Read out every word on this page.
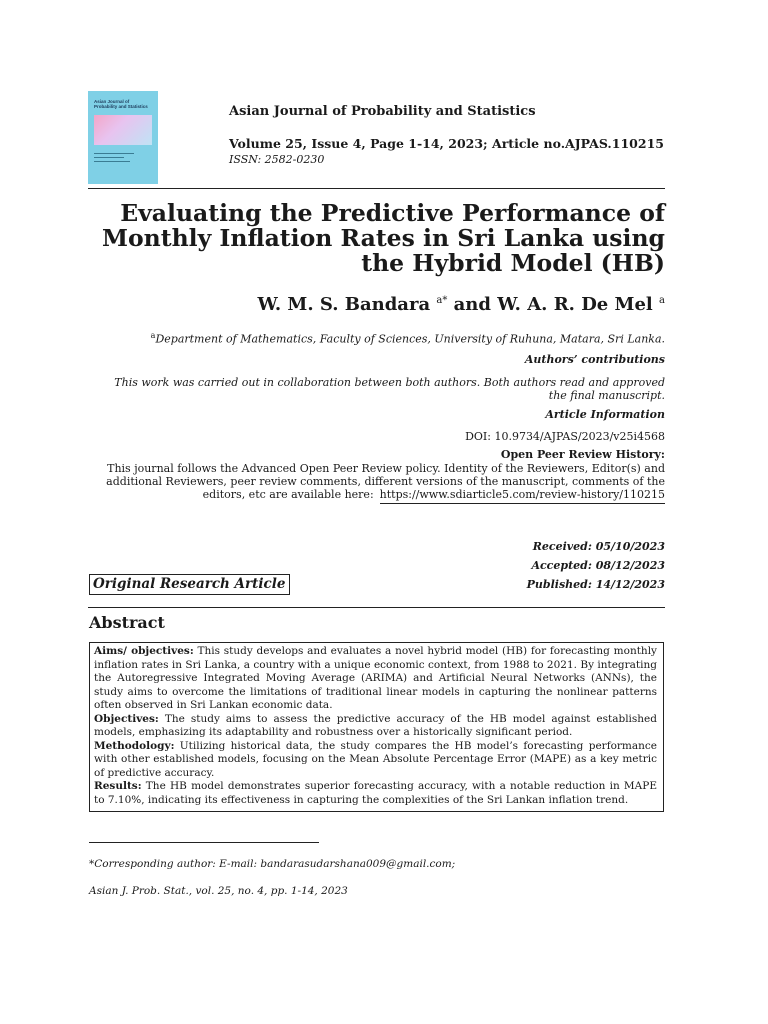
Asian Journal of Probability and Statistics	Asian Journal of Probability and Statistics
Volume 25, Issue 4, Page 1-14, 2023; Article no.AJPAS.110215
ISSN: 2582-0230
Evaluating the Predictive Performance of
Monthly Inflation Rates in Sri Lanka using
the Hybrid Model (HB)
W. M. S. Bandara $^{a*}$ and W. A. R. De Mel $^a$
$^a$Department of Mathematics, Faculty of Sciences, University of Ruhuna, Matara, Sri Lanka.
Authors’ contributions
This work was carried out in collaboration between both authors. Both authors read and approved the final manuscript.
Article Information
DOI: 10.9734/AJPAS/2023/v25i4568
Open Peer Review History:
This journal follows the Advanced Open Peer Review policy. Identity of the Reviewers, Editor(s) and additional Reviewers, peer review comments, different versions of the manuscript, comments of the editors, etc are available here: https://www.sdiarticle5.com/review-history/110215
Received: 05/10/2023
Accepted: 08/12/2023
Published: 14/12/2023
Original Research Article
Abstract

Aims/ objectives: This study develops and evaluates a novel hybrid model (HB) for forecasting monthly inflation rates in Sri Lanka, a country with a unique economic context, from 1988 to 2021. By integrating the Autoregressive Integrated Moving Average (ARIMA) and Artificial Neural Networks (ANNs), the study aims to overcome the limitations of traditional linear models in capturing the nonlinear patterns often observed in Sri Lankan economic data.

Objectives: The study aims to assess the predictive accuracy of the HB model against established models, emphasizing its adaptability and robustness over a historically significant period.

Methodology: Utilizing historical data, the study compares the HB model’s forecasting performance with other established models, focusing on the Mean Absolute Percentage Error (MAPE) as a key metric of predictive accuracy.

Results: The HB model demonstrates superior forecasting accuracy, with a notable reduction in MAPE to 7.10%, indicating its effectiveness in capturing the complexities of the Sri Lankan inflation trend.

*Corresponding author: E-mail: bandarasudarshana009@gmail.com;
Asian J. Prob. Stat., vol. 25, no. 4, pp. 1-14, 2023
